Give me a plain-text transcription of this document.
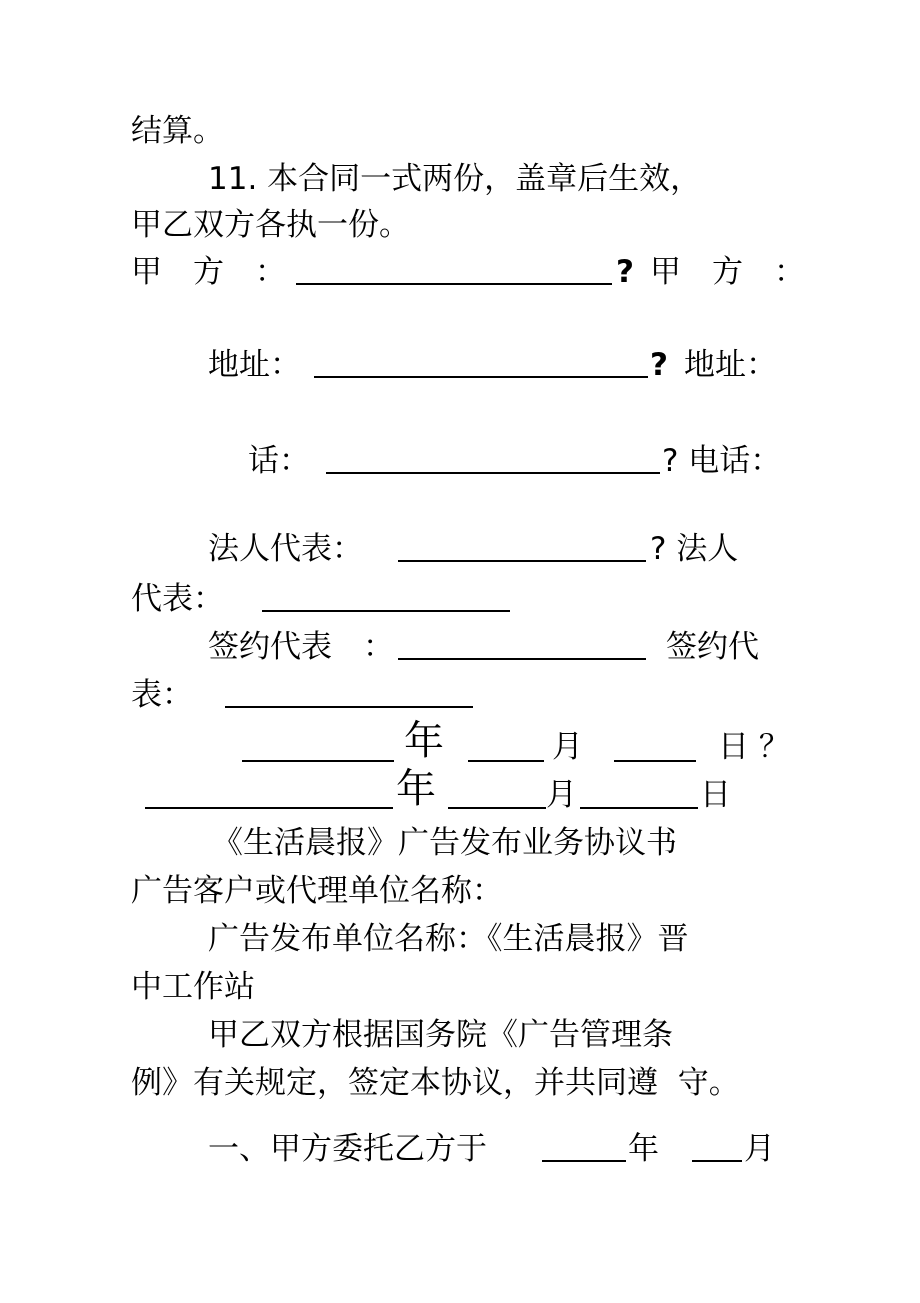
结算。
11. 本合同一式两份，盖章后生效，
甲乙双方各执一份。
甲　方　：	? 甲　方　：
地址：	? 地址：
话：	? 电话：
法人代表：	? 法人
代表：
签约代表　：	签约代
表：
年	月	日 ？
年	月	日
《生活晨报》广告发布业务协议书
广告客户或代理单位名称：
广告发布单位名称：《生活晨报》晋
中工作站
甲乙双方根据国务院《广告管理条
例》有关规定，签定本协议，并共同遵  守。
一、甲方委托乙方于	年	月
